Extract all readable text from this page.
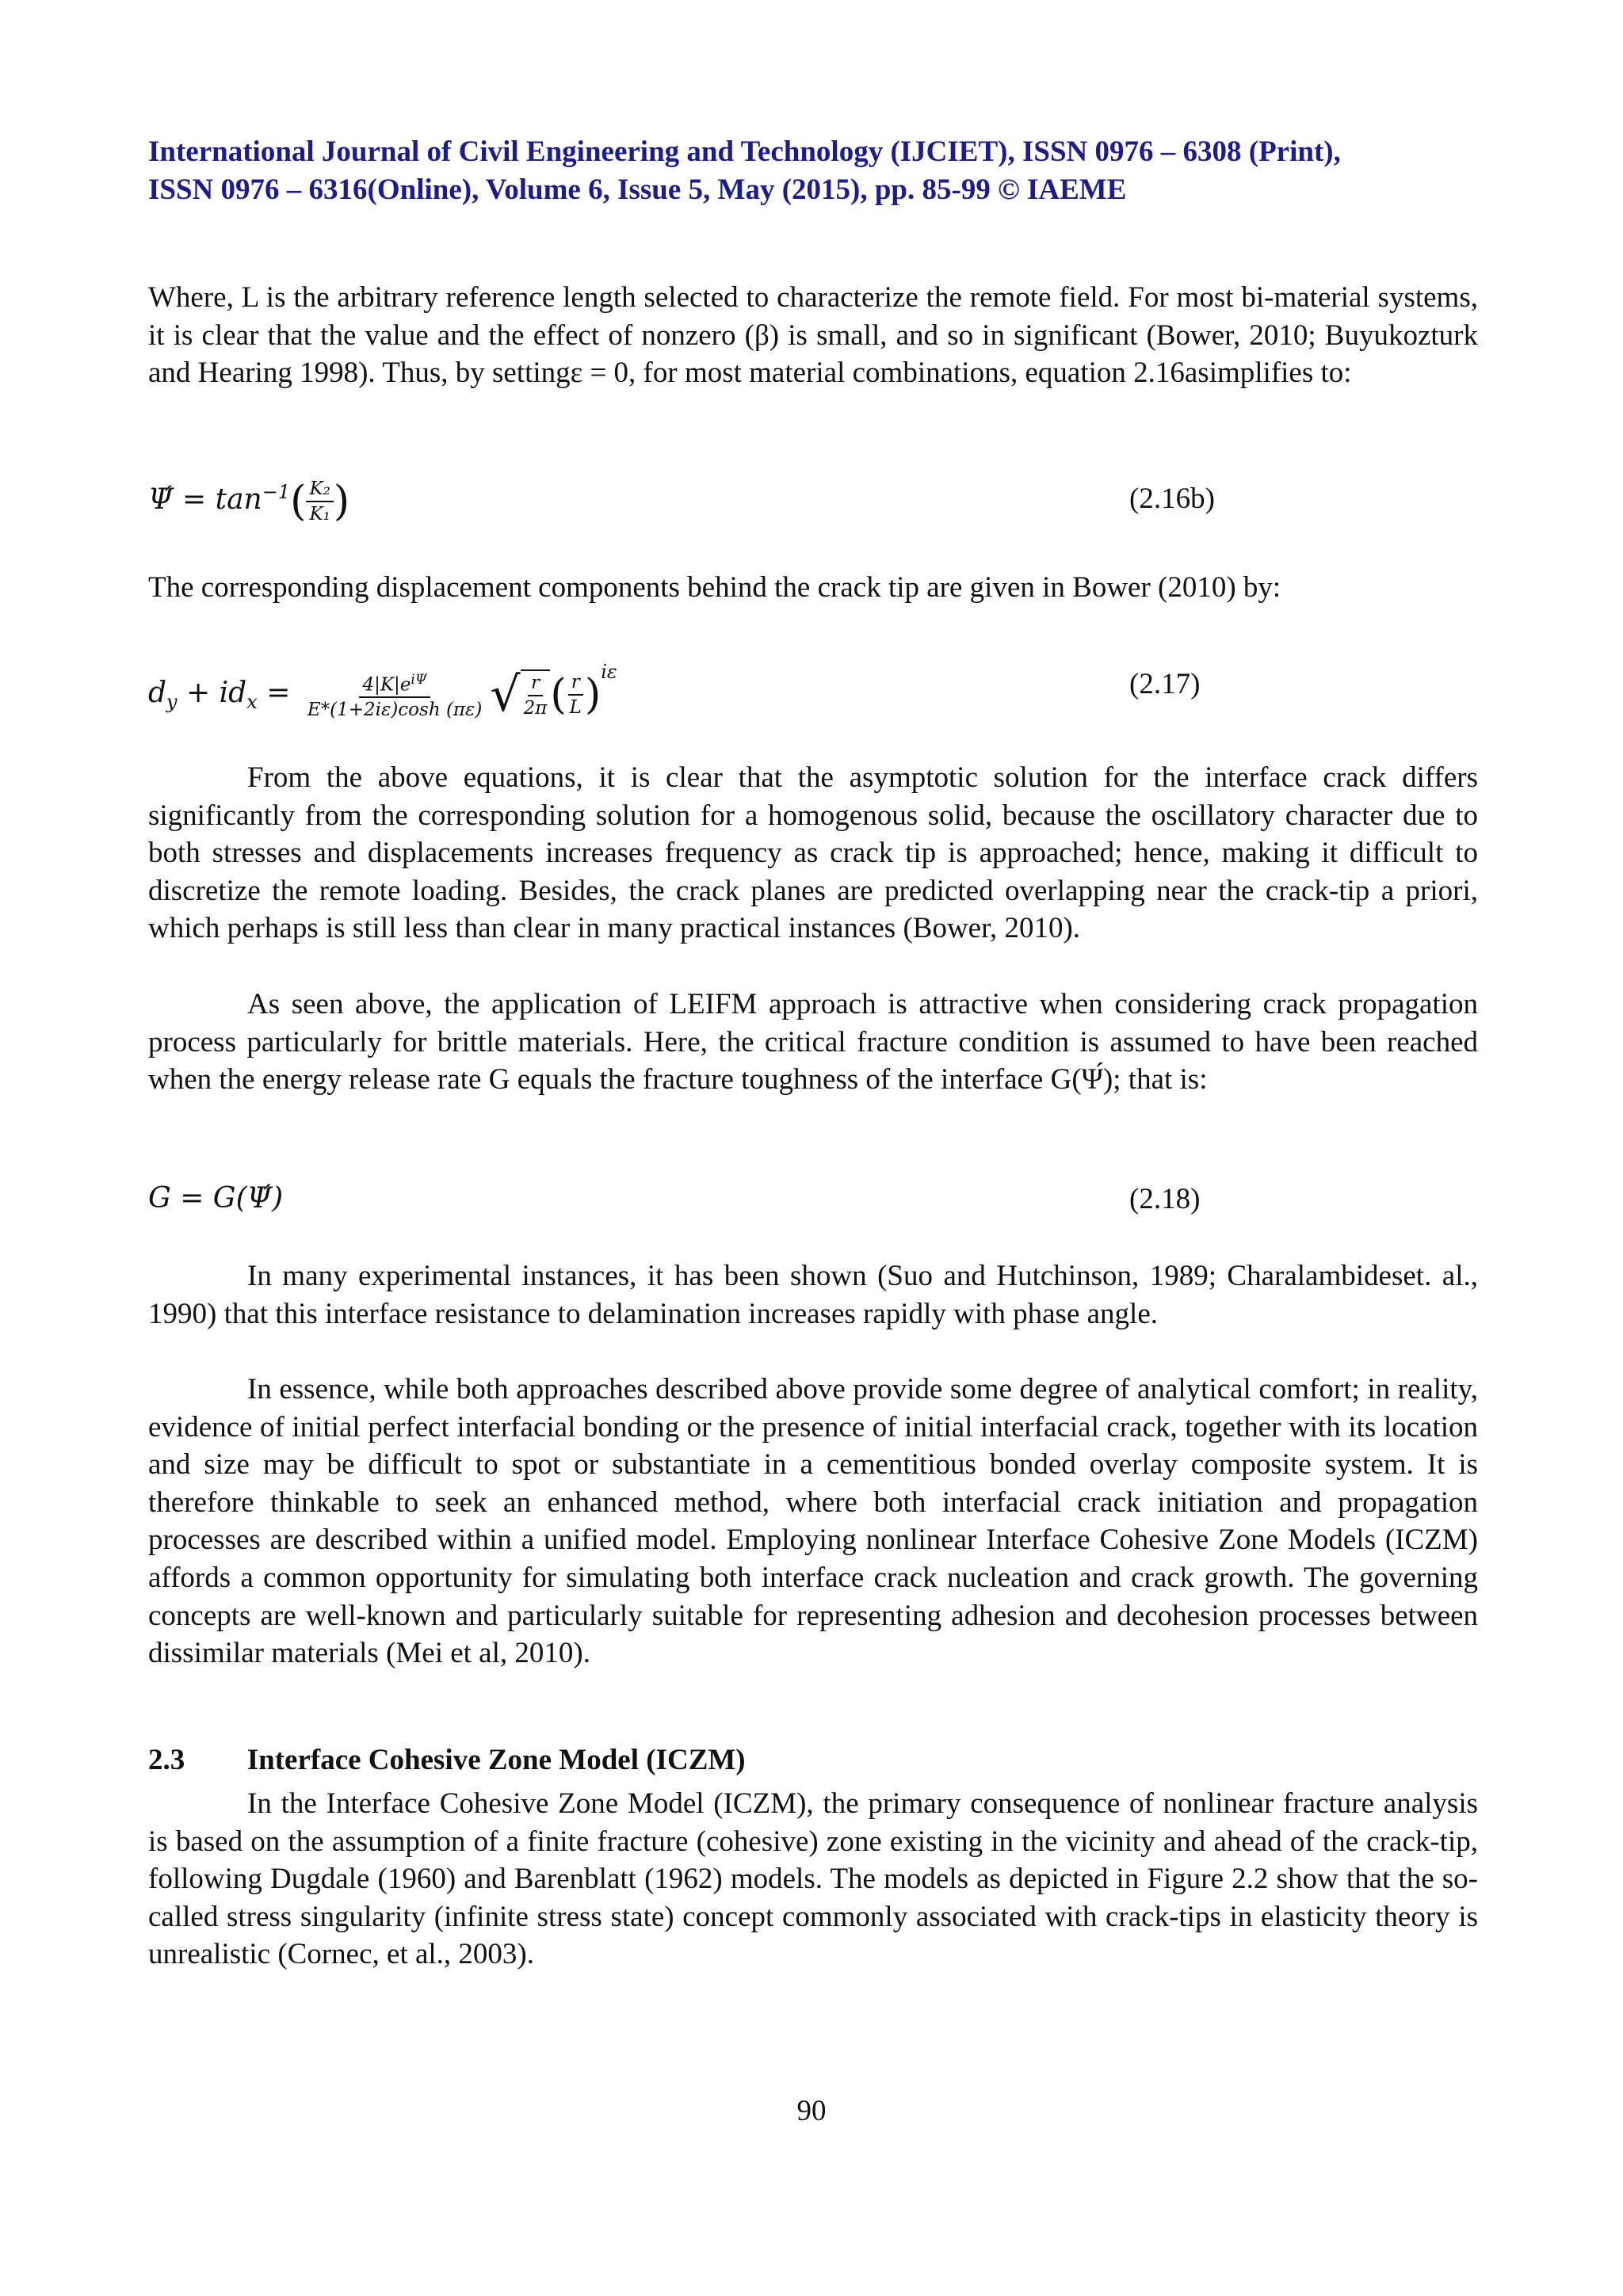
International Journal of Civil Engineering and Technology (IJCIET), ISSN 0976 – 6308 (Print),
ISSN 0976 – 6316(Online), Volume 6, Issue 5, May (2015), pp. 85-99 © IAEME
Where, L is the arbitrary reference length selected to characterize the remote field. For most bi-material systems, it is clear that the value and the effect of nonzero (β) is small, and so in significant (Bower, 2010; Buyukozturk and Hearing 1998). Thus, by settingε = 0, for most material combinations, equation 2.16asimplifies to:
Ψ́ = $\tan^{-1}( \frac{\text{K₂}}{\text{K₁}}$ )	(2.16b)
The corresponding displacement components behind the crack tip are given in Bower (2010) by:
$d_y + id_x = \frac{4|K|e^{i\Psi}}{E*(1+2i\varepsilon)\cosh (\pi\varepsilon)}$ √ $\frac{r}{2\pi}$ ( $\frac{r}{L} )^{i\varepsilon}$	(2.17)
From the above equations, it is clear that the asymptotic solution for the interface crack differs significantly from the corresponding solution for a homogenous solid, because the oscillatory character due to both stresses and displacements increases frequency as crack tip is approached; hence, making it difficult to discretize the remote loading. Besides, the crack planes are predicted overlapping near the crack-tip a priori, which perhaps is still less than clear in many practical instances (Bower, 2010).
As seen above, the application of LEIFM approach is attractive when considering crack propagation process particularly for brittle materials. Here, the critical fracture condition is assumed to have been reached when the energy release rate G equals the fracture toughness of the interface G(Ψ́); that is:
G = G(Ψ́)	(2.18)
In many experimental instances, it has been shown (Suo and Hutchinson, 1989; Charalambideset. al., 1990) that this interface resistance to delamination increases rapidly with phase angle.
In essence, while both approaches described above provide some degree of analytical comfort; in reality, evidence of initial perfect interfacial bonding or the presence of initial interfacial crack, together with its location and size may be difficult to spot or substantiate in a cementitious bonded overlay composite system. It is therefore thinkable to seek an enhanced method, where both interfacial crack initiation and propagation processes are described within a unified model. Employing nonlinear Interface Cohesive Zone Models (ICZM) affords a common opportunity for simulating both interface crack nucleation and crack growth. The governing concepts are well-known and particularly suitable for representing adhesion and decohesion processes between dissimilar materials (Mei et al, 2010).
2.3 Interface Cohesive Zone Model (ICZM)
In the Interface Cohesive Zone Model (ICZM), the primary consequence of nonlinear fracture analysis is based on the assumption of a finite fracture (cohesive) zone existing in the vicinity and ahead of the crack-tip, following Dugdale (1960) and Barenblatt (1962) models. The models as depicted in Figure 2.2 show that the so-called stress singularity (infinite stress state) concept commonly associated with crack-tips in elasticity theory is unrealistic (Cornec, et al., 2003).
90
